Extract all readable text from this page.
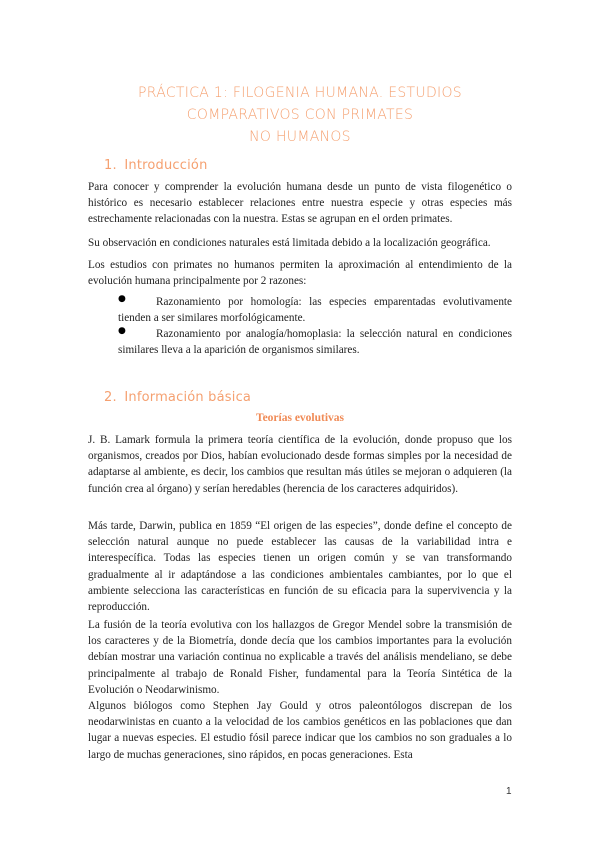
PRÁCTICA 1: FILOGENIA HUMANA. ESTUDIOS COMPARATIVOS CON PRIMATES
NO HUMANOS
1. Introducción

Para conocer y comprender la evolución humana desde un punto de vista filogenético o histórico es necesario establecer relaciones entre nuestra especie y otras especies más estrechamente relacionadas con la nuestra. Estas se agrupan en el orden primates.

Su observación en condiciones naturales está limitada debido a la localización geográfica.

Los estudios con primates no humanos permiten la aproximación al entendimiento de la evolución humana principalmente por 2 razones:

●	Razonamiento por homología: las especies emparentadas evolutivamente tienden a ser similares morfológicamente.

●	Razonamiento por analogía/homoplasia: la selección natural en condiciones similares lleva a la aparición de organismos similares.

2. Información básica
Teorías evolutivas

J. B. Lamark formula la primera teoría científica de la evolución, donde propuso que los organismos, creados por Dios, habían evolucionado desde formas simples por la necesidad de adaptarse al ambiente, es decir, los cambios que resultan más útiles se mejoran o adquieren (la función crea al órgano) y serían heredables (herencia de los caracteres adquiridos).

Más tarde, Darwin, publica en 1859 “El origen de las especies”, donde define el concepto de selección natural aunque no puede establecer las causas de la variabilidad intra e interespecífica. Todas las especies tienen un origen común y se van transformando gradualmente al ir adaptándose a las condiciones ambientales cambiantes, por lo que el ambiente selecciona las características en función de su eficacia para la supervivencia y la reproducción.

La fusión de la teoría evolutiva con los hallazgos de Gregor Mendel sobre la transmisión de los caracteres y de la Biometría, donde decía que los cambios importantes para la evolución debían mostrar una variación continua no explicable a través del análisis mendeliano, se debe principalmente al trabajo de Ronald Fisher, fundamental para la Teoría Sintética de la Evolución o Neodarwinismo.

Algunos biólogos como Stephen Jay Gould y otros paleontólogos discrepan de los neodarwinistas en cuanto a la velocidad de los cambios genéticos en las poblaciones que dan lugar a nuevas especies. El estudio fósil parece indicar que los cambios no son graduales a lo largo de muchas generaciones, sino rápidos, en pocas generaciones. Esta

1
